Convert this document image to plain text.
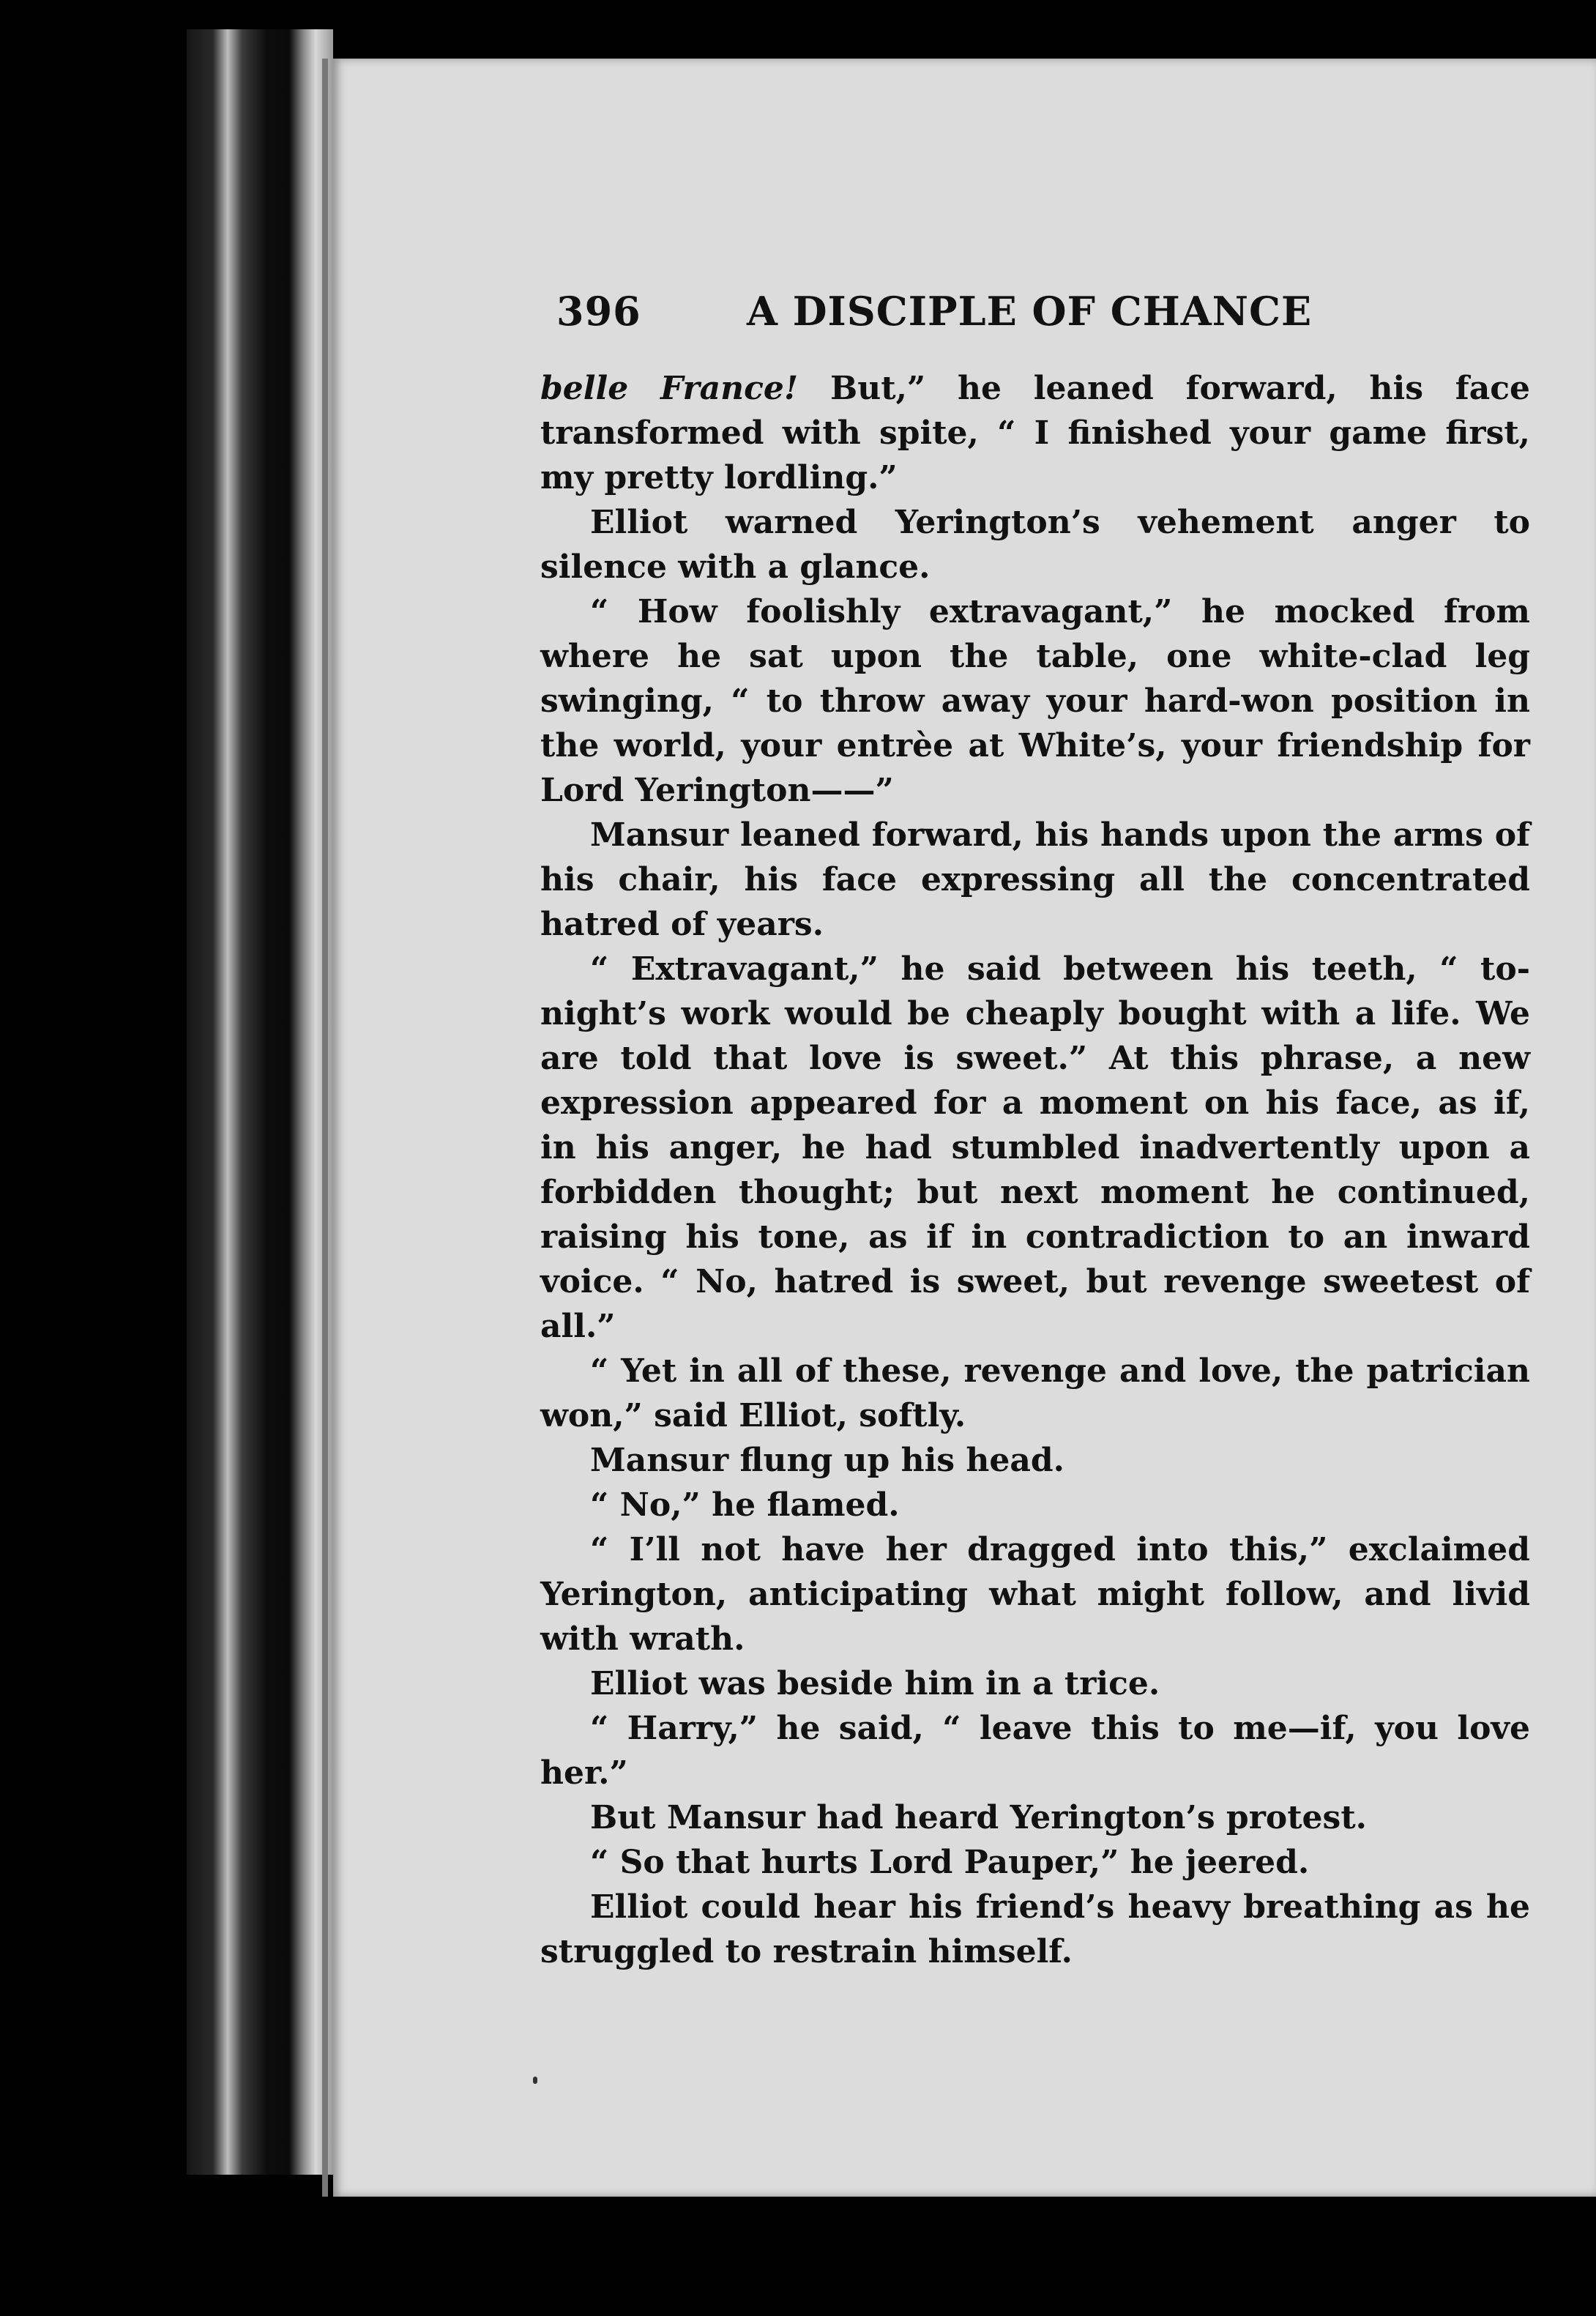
396	A DISCIPLE OF CHANCE

belle France! But,” he leaned forward, his face transformed with spite, “ I finished your game first, my pretty lordling.”

Elliot warned Yerington’s vehement anger to silence with a glance.

“ How foolishly extravagant,” he mocked from where he sat upon the table, one white-clad leg swinging, “ to throw away your hard-won position in the world, your entrèe at White’s, your friendship for Lord Yerington——”

Mansur leaned forward, his hands upon the arms of his chair, his face expressing all the concentrated hatred of years.

“ Extravagant,” he said between his teeth, “ to-night’s work would be cheaply bought with a life. We are told that love is sweet.” At this phrase, a new expression appeared for a moment on his face, as if, in his anger, he had stumbled inadvertently upon a forbidden thought; but next moment he continued, raising his tone, as if in contradiction to an inward voice. “ No, hatred is sweet, but revenge sweetest of all.”

“ Yet in all of these, revenge and love, the patrician won,” said Elliot, softly.

Mansur flung up his head.

“ No,” he flamed.

“ I’ll not have her dragged into this,” exclaimed Yerington, anticipating what might follow, and livid with wrath.

Elliot was beside him in a trice.

“ Harry,” he said, “ leave this to me—if, you love her.”

But Mansur had heard Yerington’s protest.

“ So that hurts Lord Pauper,” he jeered.

Elliot could hear his friend’s heavy breathing as he struggled to restrain himself.
